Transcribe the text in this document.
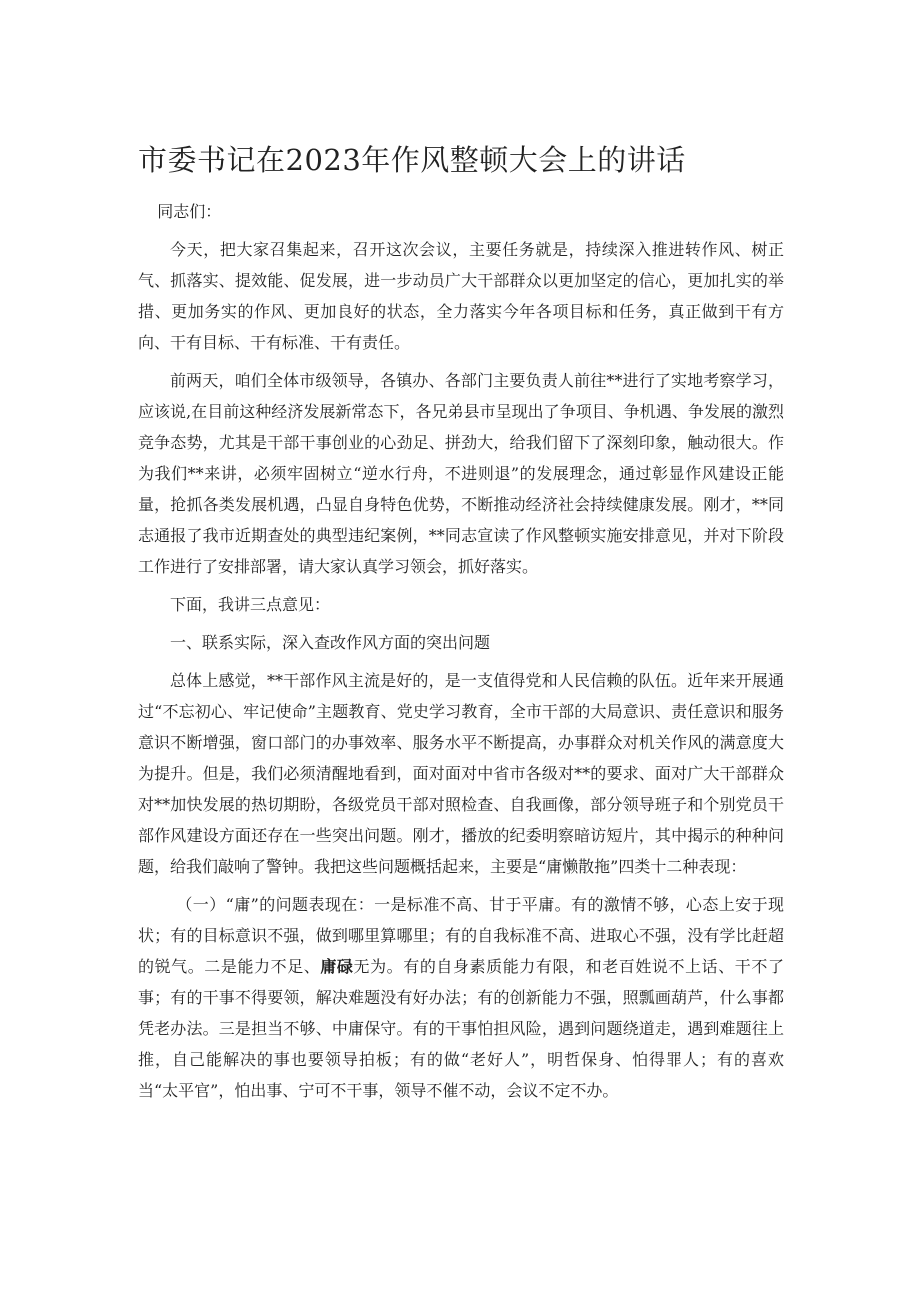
市委书记在2023年作风整顿大会上的讲话

同志们：

今天，把大家召集起来，召开这次会议，主要任务就是，持续深入推进转作风、树正气、抓落实、提效能、促发展，进一步动员广大干部群众以更加坚定的信心，更加扎实的举措、更加务实的作风、更加良好的状态，全力落实今年各项目标和任务，真正做到干有方向、干有目标、干有标准、干有责任。

前两天，咱们全体市级领导，各镇办、各部门主要负责人前往**进行了实地考察学习，应该说,在目前这种经济发展新常态下，各兄弟县市呈现出了争项目、争机遇、争发展的激烈竞争态势，尤其是干部干事创业的心劲足、拼劲大，给我们留下了深刻印象，触动很大。作为我们**来讲，必须牢固树立“逆水行舟，不进则退”的发展理念，通过彰显作风建设正能量，抢抓各类发展机遇，凸显自身特色优势，不断推动经济社会持续健康发展。刚才，**同志通报了我市近期查处的典型违纪案例，**同志宣读了作风整顿实施安排意见，并对下阶段工作进行了安排部署，请大家认真学习领会，抓好落实。

下面，我讲三点意见：

一、联系实际，深入查改作风方面的突出问题

总体上感觉，**干部作风主流是好的，是一支值得党和人民信赖的队伍。近年来开展通过“不忘初心、牢记使命”主题教育、党史学习教育，全市干部的大局意识、责任意识和服务意识不断增强，窗口部门的办事效率、服务水平不断提高，办事群众对机关作风的满意度大为提升。但是，我们必须清醒地看到，面对面对中省市各级对**的要求、面对广大干部群众对**加快发展的热切期盼，各级党员干部对照检查、自我画像，部分领导班子和个别党员干部作风建设方面还存在一些突出问题。刚才，播放的纪委明察暗访短片，其中揭示的种种问题，给我们敲响了警钟。我把这些问题概括起来，主要是“庸懒散拖”四类十二种表现：

（一）“庸”的问题表现在：一是标准不高、甘于平庸。有的激情不够，心态上安于现状；有的目标意识不强，做到哪里算哪里；有的自我标准不高、进取心不强，没有学比赶超的锐气。二是能力不足、庸碌无为。有的自身素质能力有限，和老百姓说不上话、干不了事；有的干事不得要领，解决难题没有好办法；有的创新能力不强，照瓢画葫芦，什么事都凭老办法。三是担当不够、中庸保守。有的干事怕担风险，遇到问题绕道走，遇到难题往上推，自己能解决的事也要领导拍板；有的做“老好人”，明哲保身、怕得罪人；有的喜欢当“太平官”，怕出事、宁可不干事，领导不催不动，会议不定不办。
